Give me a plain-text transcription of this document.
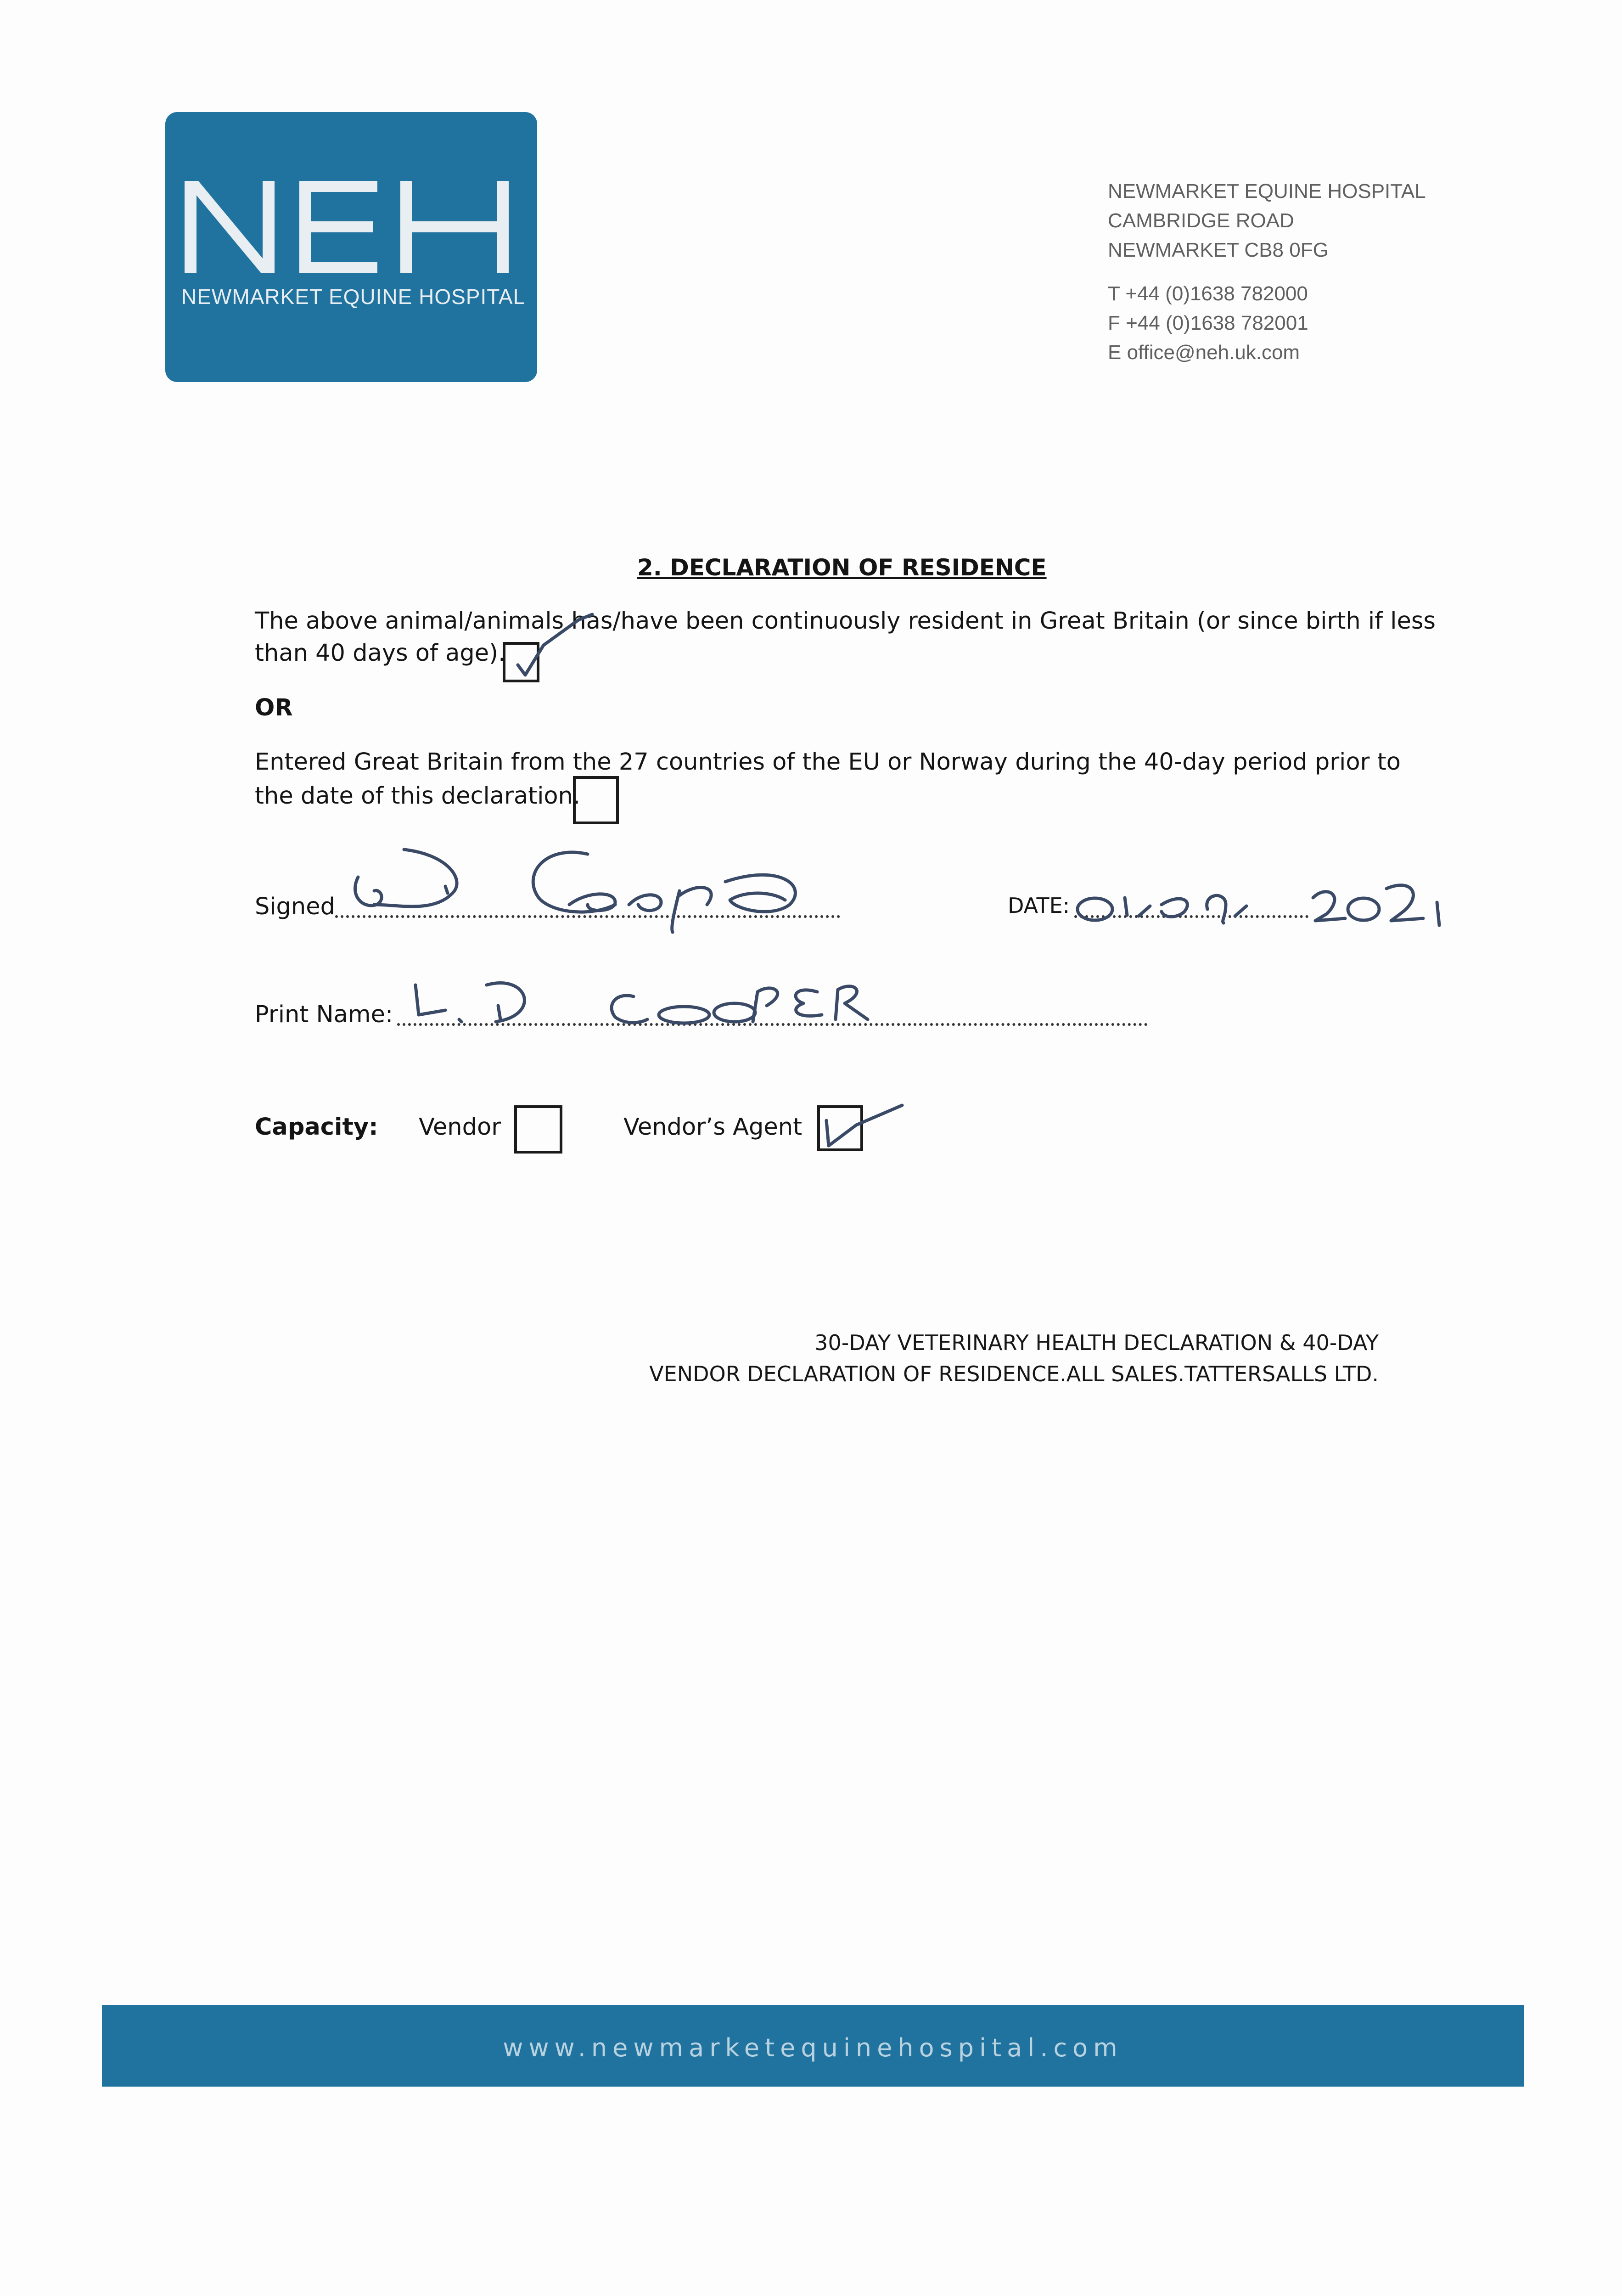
NEWMARKET EQUINE HOSPITAL
NEWMARKET EQUINE HOSPITAL
CAMBRIDGE ROAD
NEWMARKET CB8 0FG
T +44 (0)1638 782000
F +44 (0)1638 782001
E office@neh.uk.com
2. DECLARATION OF RESIDENCE
The above animal/animals has/have been continuously resident in Great Britain (or since birth if less
than 40 days of age).
OR
Entered Great Britain from the 27 countries of the EU or Norway during the 40-day period prior to
the date of this declaration.
Signed	DATE:
Print Name:
Capacity: Vendor	Vendor’s Agent
30-DAY VETERINARY HEALTH DECLARATION & 40-DAY
VENDOR DECLARATION OF RESIDENCE.ALL SALES.TATTERSALLS LTD.
www.newmarketequinehospital.com
